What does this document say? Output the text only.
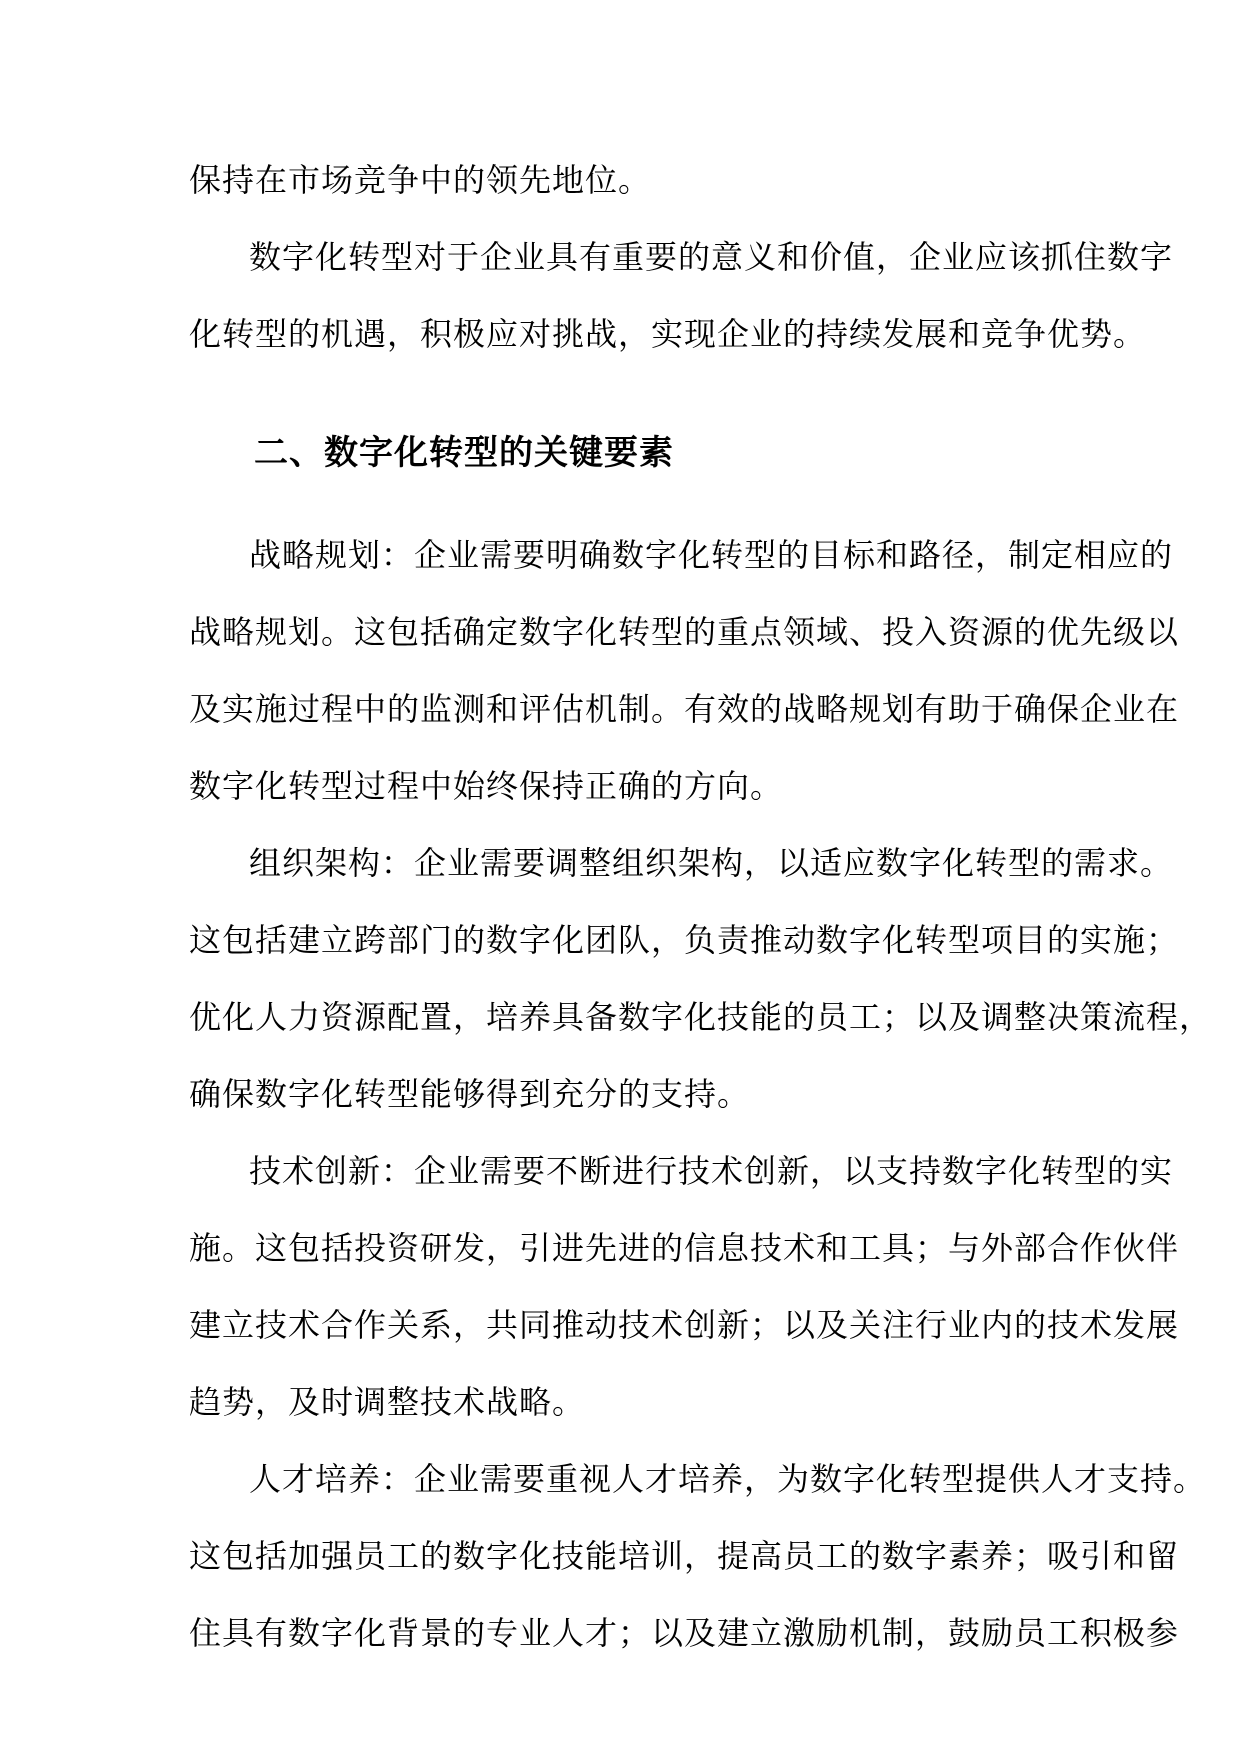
保持在市场竞争中的领先地位。
数字化转型对于企业具有重要的意义和价值，企业应该抓住数字
化转型的机遇，积极应对挑战，实现企业的持续发展和竞争优势。
二、数字化转型的关键要素
战略规划：企业需要明确数字化转型的目标和路径，制定相应的
战略规划。这包括确定数字化转型的重点领域、投入资源的优先级以
及实施过程中的监测和评估机制。有效的战略规划有助于确保企业在
数字化转型过程中始终保持正确的方向。
组织架构：企业需要调整组织架构，以适应数字化转型的需求。
这包括建立跨部门的数字化团队，负责推动数字化转型项目的实施；
优化人力资源配置，培养具备数字化技能的员工；以及调整决策流程，
确保数字化转型能够得到充分的支持。
技术创新：企业需要不断进行技术创新，以支持数字化转型的实
施。这包括投资研发，引进先进的信息技术和工具；与外部合作伙伴
建立技术合作关系，共同推动技术创新；以及关注行业内的技术发展
趋势，及时调整技术战略。
人才培养：企业需要重视人才培养，为数字化转型提供人才支持。
这包括加强员工的数字化技能培训，提高员工的数字素养；吸引和留
住具有数字化背景的专业人才；以及建立激励机制，鼓励员工积极参
